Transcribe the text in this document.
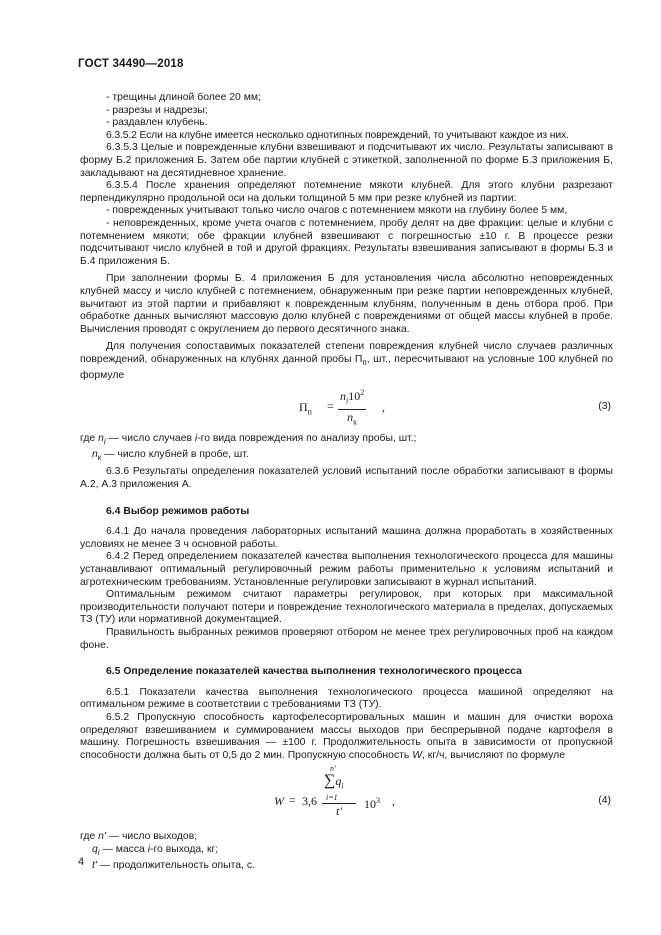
ГОСТ 34490—2018

- трещины длиной более 20 мм;

- разрезы и надрезы;

- раздавлен клубень.

6.3.5.2 Если на клубне имеется несколько однотипных повреждений, то учитывают каждое из них.

6.3.5.3 Целые и поврежденные клубни взвешивают и подсчитывают их число. Результаты записывают в форму Б.2 приложения Б. Затем обе партии клубней с этикеткой, заполненной по форме Б.3 приложения Б, закладывают на десятидневное хранение.

6.3.5.4 После хранения определяют потемнение мякоти клубней. Для этого клубни разрезают перпендикулярно продольной оси на дольки толщиной 5 мм при резке клубней из партии:

- поврежденных учитывают только число очагов с потемнением мякоти на глубину более 5 мм,

- неповрежденных, кроме учета очагов с потемнением, пробу делят на две фракции: целые и клубни с потемнением мякоти; обе фракции клубней взвешивают с погрешностью ±10 г. В процессе резки подсчитывают число клубней в той и другой фракциях. Результаты взвешивания записывают в формы Б.3 и Б.4 приложения Б.

При заполнении формы Б. 4 приложения Б для установления числа абсолютно неповрежденных клубней массу и число клубней с потемнением, обнаруженным при резке партии неповрежденных клубней, вычитают из этой партии и прибавляют к поврежденным клубням, полученным в день отбора проб. При обработке данных вычисляют массовую долю клубней с повреждениями от общей массы клубней в пробе. Вычисления проводят с округлением до первого десятичного знака.

Для получения сопоставимых показателей степени повреждения клубней число случаев различных повреждений, обнаруженных на клубнях данной пробы $П_п$, шт., пересчитывают на условные 100 клубней по формуле

$П_п$ =
$n_i10^2$
$n_к$
,	(3)

где $n_i$ — число случаев i-го вида повреждения по анализу пробы, шт.;

$n_к$ — число клубней в пробе, шт.

6.3.6 Результаты определения показателей условий испытаний после обработки записывают в формы А.2, А.3 приложения А.

6.4 Выбор режимов работы

6.4.1 До начала проведения лабораторных испытаний машина должна проработать в хозяйственных условиях не менее 3 ч основной работы.

6.4.2 Перед определением показателей качества выполнения технологического процесса для машины устанавливают оптимальный регулировочный режим работы применительно к условиям испытаний и агротехническим требованиям. Установленные регулировки записывают в журнал испытаний.

Оптимальным режимом считают параметры регулировок, при которых при максимальной производительности получают потери и повреждение технологического материала в пределах, допускаемых ТЗ (ТУ) или нормативной документацией.

Правильность выбранных режимов проверяют отбором не менее трех регулировочных проб на каждом фоне.

6.5 Определение показателей качества выполнения технологического процесса

6.5.1 Показатели качества выполнения технологического процесса машиной определяют на оптимальном режиме в соответствии с требованиями ТЗ (ТУ).

6.5.2 Пропускную способность картофелесортировальных машин и машин для очистки вороха определяют взвешиванием и суммированием массы выходов при беспрерывной подаче картофеля в машину. Погрешность взвешивания — ±100 г. Продолжительность опыта в зависимости от пропускной способности должна быть от 0,5 до 2 мин. Пропускную способность W, кг/ч, вычисляют по формуле

W = 3,6 n'
$\sum q_i$
i=1
t' $10^3$ ,	(4)

где n' — число выходов;

$q_i$ — масса i-го выхода, кг;

t' — продолжительность опыта, с.

4
